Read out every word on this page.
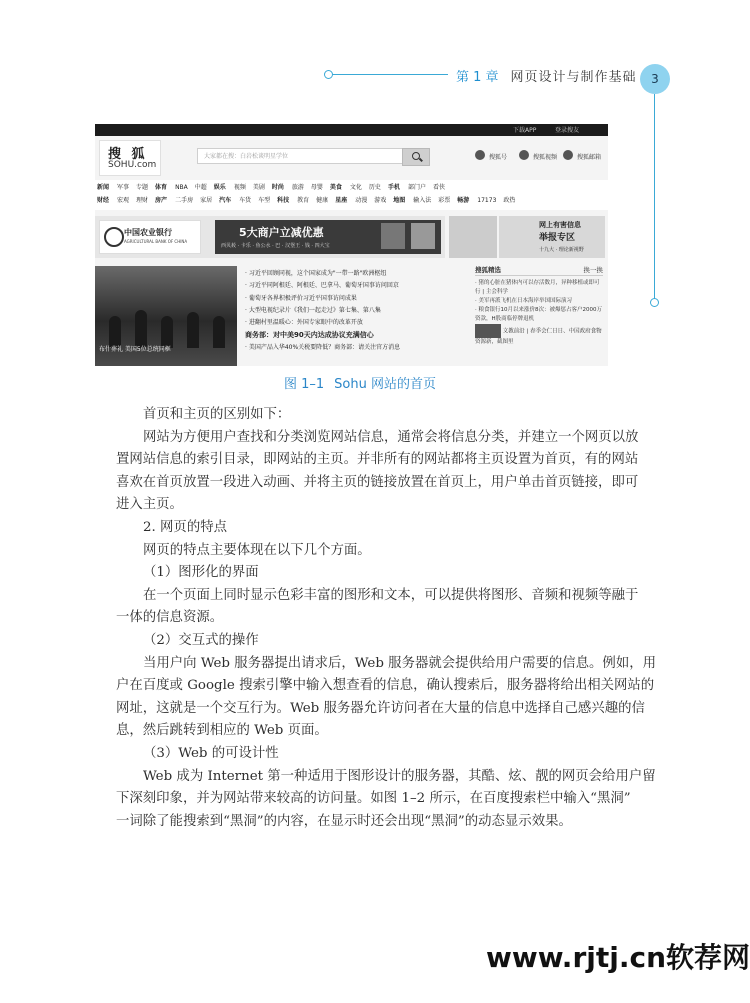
第 1 章 网页设计与制作基础	3
下载APP	登录搜友
搜 狐
SOHU.com
大家都在搜：白岩松谈明星学位	搜狐号	搜狐视频	搜狐邮箱
新闻 军事 专题 体育 NBA 中超 娱乐 视频 美剧 时尚 旅游 母婴 美食 文化 历史 手机 部门户 看侠
财经 宏观 理财 房产 二手房 家居 汽车 车货 车型 科技 教育 健康 星座 动漫 游戏 地图 输入法 彩票 畅游 17173 政热
中国农业银行
AGRICULTURAL BANK OF CHINA
5大商户立减优惠
西贝莜 · 卡乐 · 鱼公水 · 巴 · 汉堡王 · 钱 · 四大宝
网上有害信息
举报专区
十九大 · 理论新视野
布什葬礼 美国5位总统同框
· 习近平回顾同视，这个国家成为"一带一路"欧洲枢纽
· 习近平同阿根廷、阿根廷、巴拿马、葡萄牙国事访问回京
· 葡萄牙各界积极评价习近平国事访问成果
· 大型电视纪录片《我们一起走过》第七集、第八集
· 进翻村里温暖心：外国专家眼中的改革开放
商务部：对中美90天内达成协议充满信心
· 美国产品入华40%关税要降低？商务部：请关注官方消息
搜狐精选	换一换
· 猪的心脏在猪体内可以存活数月，异种移植或即可行 | 主会科学
· 美军再派飞机在日本海岸举国国际演习
· 粮食银行10月以来涨价8次：被爆惩占客户2000万资款，H股商临停牌退机
文教前沿 | 春季会仁日日、中国政府食物资源新，截图里
图 1–1 Sohu 网站的首页
首页和主页的区别如下：
网站为方便用户查找和分类浏览网站信息，通常会将信息分类，并建立一个网页以放
置网站信息的索引目录，即网站的主页。并非所有的网站都将主页设置为首页，有的网站
喜欢在首页放置一段进入动画、并将主页的链接放置在首页上，用户单击首页链接，即可
进入主页。
2. 网页的特点
网页的特点主要体现在以下几个方面。
（1）图形化的界面
在一个页面上同时显示色彩丰富的图形和文本，可以提供将图形、音频和视频等融于
一体的信息资源。
（2）交互式的操作
当用户向 Web 服务器提出请求后，Web 服务器就会提供给用户需要的信息。例如，用
户在百度或 Google 搜索引擎中输入想查看的信息，确认搜索后，服务器将给出相关网站的
网址，这就是一个交互行为。Web 服务器允许访问者在大量的信息中选择自己感兴趣的信
息，然后跳转到相应的 Web 页面。
（3）Web 的可设计性
Web 成为 Internet 第一种适用于图形设计的服务器，其酷、炫、靓的网页会给用户留
下深刻印象，并为网站带来较高的访问量。如图 1–2 所示，在百度搜索栏中输入“黑洞”
一词除了能搜索到“黑洞”的内容，在显示时还会出现“黑洞”的动态显示效果。
www.rjtj.cn软荐网
